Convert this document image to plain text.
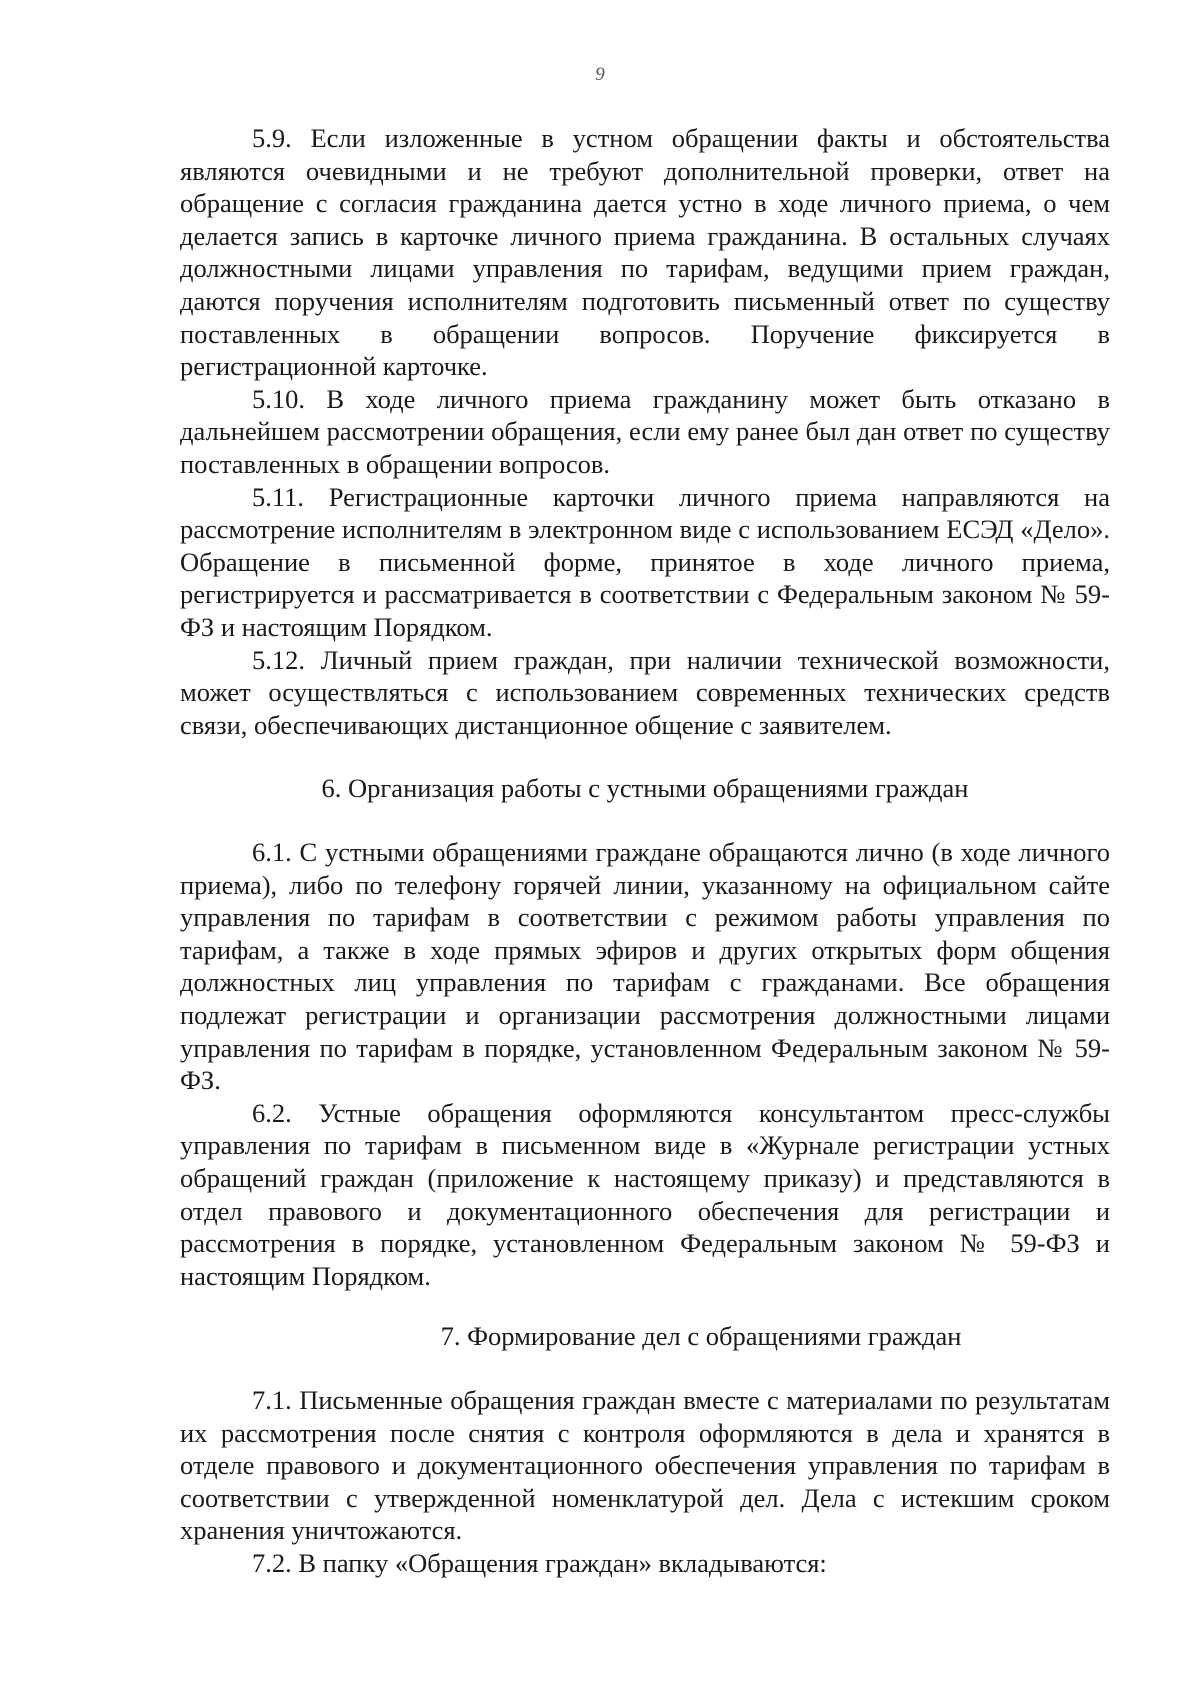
9

5.9. Если изложенные в устном обращении факты и обстоятельства являются очевидными и не требуют дополнительной проверки, ответ на обращение с согласия гражданина дается устно в ходе личного приема, о чем делается запись в карточке личного приема гражданина. В остальных случаях должностными лицами управления по тарифам, ведущими прием граждан, даются поручения исполнителям подготовить письменный ответ по существу поставленных в обращении вопросов. Поручение фиксируется в регистрационной карточке.

5.10. В ходе личного приема гражданину может быть отказано в дальнейшем рассмотрении обращения, если ему ранее был дан ответ по существу поставленных в обращении вопросов.

5.11. Регистрационные карточки личного приема направляются на рассмотрение исполнителям в электронном виде с использованием ЕСЭД «Дело». Обращение в письменной форме, принятое в ходе личного приема, регистрируется и рассматривается в соответствии с Федеральным законом № 59-ФЗ и настоящим Порядком.

5.12. Личный прием граждан, при наличии технической возможности, может осуществляться с использованием современных технических средств связи, обеспечивающих дистанционное общение с заявителем.

6. Организация работы с устными обращениями граждан

6.1. С устными обращениями граждане обращаются лично (в ходе личного приема), либо по телефону горячей линии, указанному на официальном сайте управления по тарифам в соответствии с режимом работы управления по тарифам, а также в ходе прямых эфиров и других открытых форм общения должностных лиц управления по тарифам с гражданами. Все обращения подлежат регистрации и организации рассмотрения должностными лицами управления по тарифам в порядке, установленном Федеральным законом № 59-ФЗ.

6.2. Устные обращения оформляются консультантом пресс-службы управления по тарифам в письменном виде в «Журнале регистрации устных обращений граждан (приложение к настоящему приказу) и представляются в отдел правового и документационного обеспечения для регистрации и рассмотрения в порядке, установленном Федеральным законом № 59-ФЗ и настоящим Порядком.

7. Формирование дел с обращениями граждан

7.1. Письменные обращения граждан вместе с материалами по результатам их рассмотрения после снятия с контроля оформляются в дела и хранятся в отделе правового и документационного обеспечения управления по тарифам в соответствии с утвержденной номенклатурой дел. Дела с истекшим сроком хранения уничтожаются.

7.2. В папку «Обращения граждан» вкладываются:
